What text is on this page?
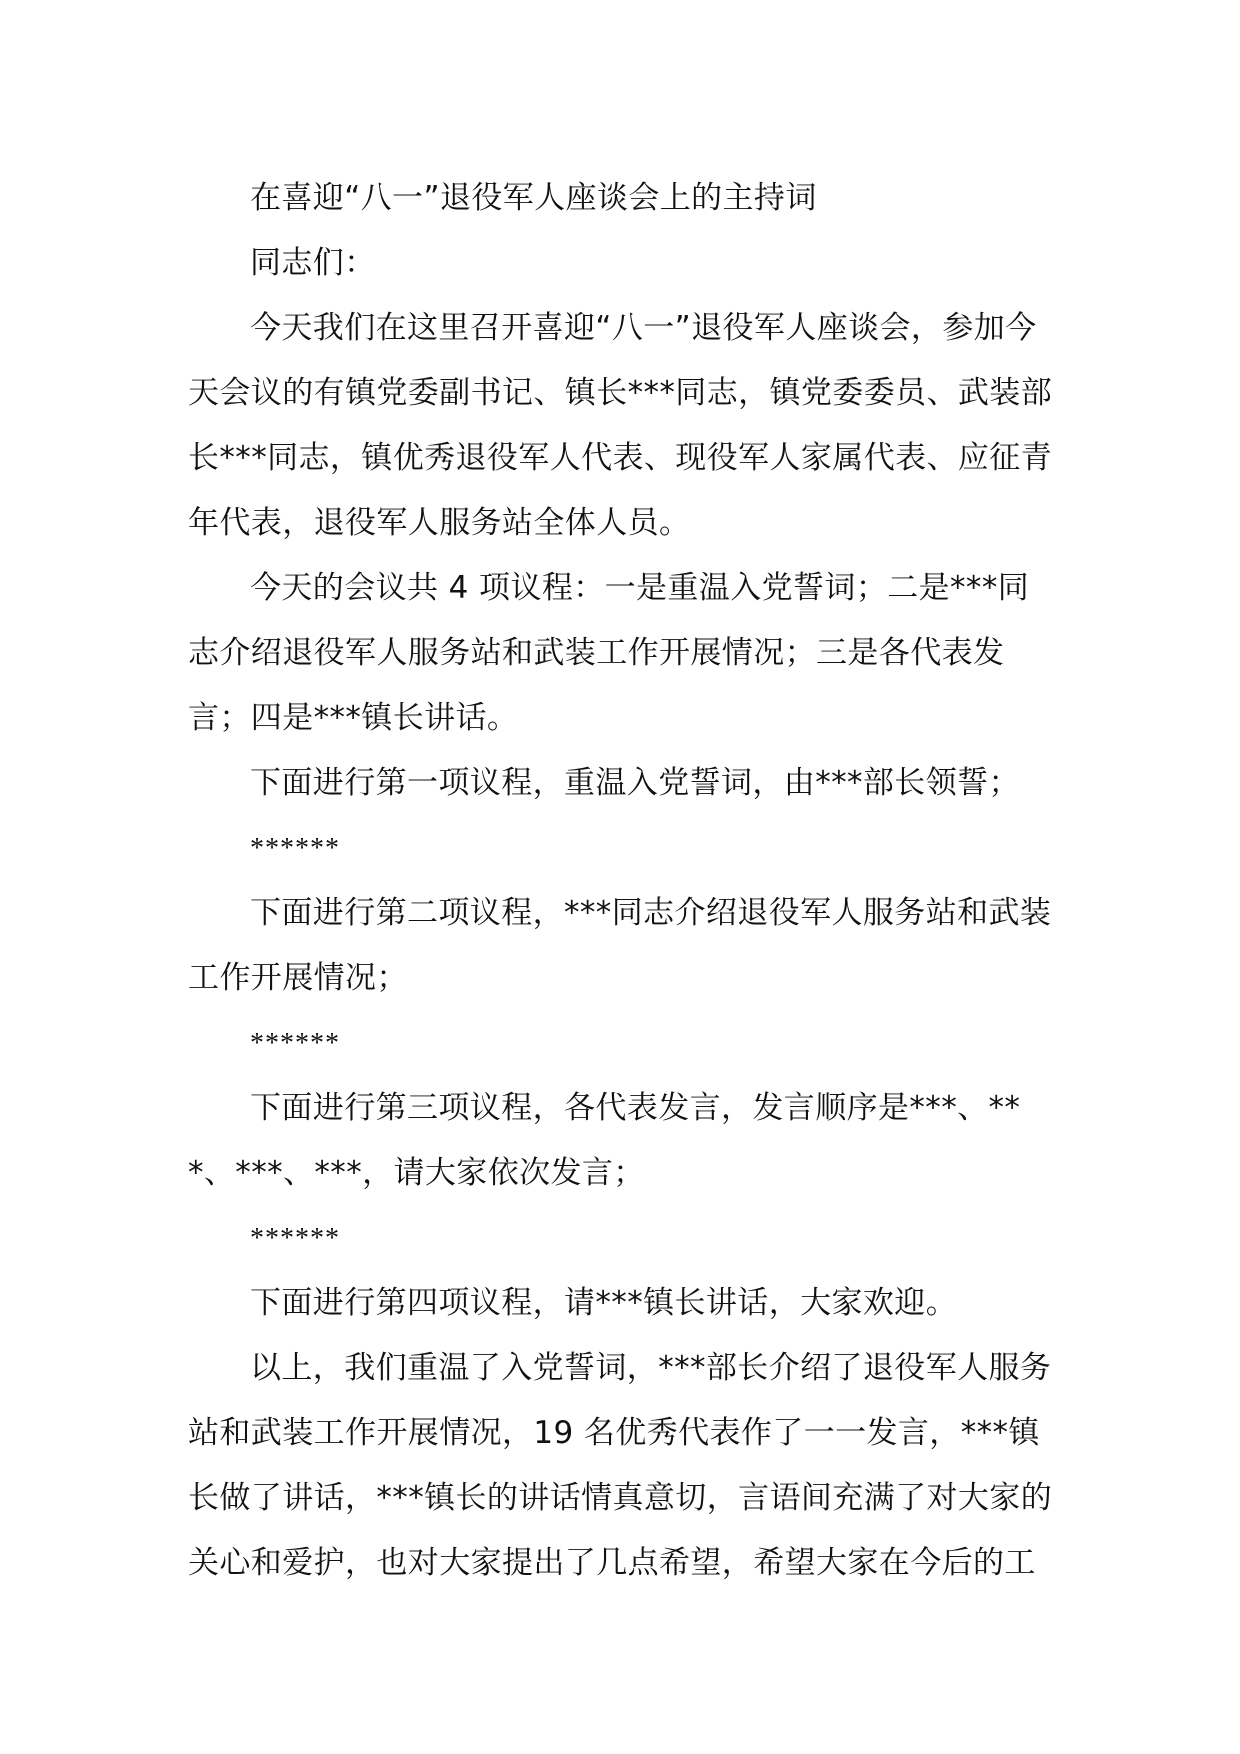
在喜迎“八一”退役军人座谈会上的主持词

同志们：

今天我们在这里召开喜迎“八一”退役军人座谈会，参加今天会议的有镇党委副书记、镇长***同志，镇党委委员、武装部长***同志，镇优秀退役军人代表、现役军人家属代表、应征青年代表，退役军人服务站全体人员。

今天的会议共 4 项议程：一是重温入党誓词；二是***同志介绍退役军人服务站和武装工作开展情况；三是各代表发言；四是***镇长讲话。

下面进行第一项议程，重温入党誓词，由***部长领誓；

******

下面进行第二项议程，***同志介绍退役军人服务站和武装工作开展情况；

******

下面进行第三项议程，各代表发言，发言顺序是***、***、***、***，请大家依次发言；

******

下面进行第四项议程，请***镇长讲话，大家欢迎。

以上，我们重温了入党誓词，***部长介绍了退役军人服务站和武装工作开展情况，19 名优秀代表作了一一发言，***镇长做了讲话，***镇长的讲话情真意切，言语间充满了对大家的关心和爱护，也对大家提出了几点希望，希望大家在今后的工
